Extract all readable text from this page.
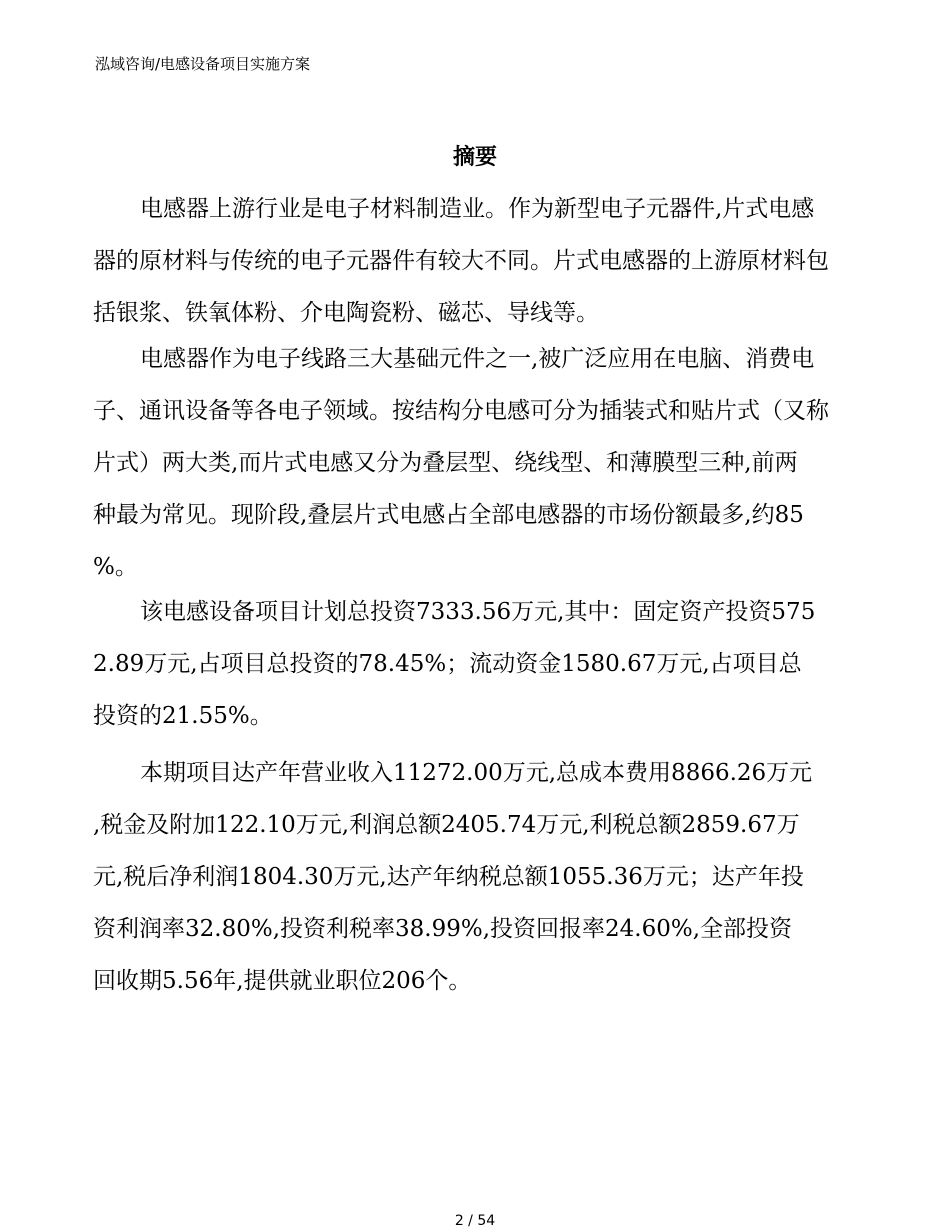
泓域咨询/电感设备项目实施方案
摘要
电感器上游行业是电子材料制造业。作为新型电子元器件,片式电感
器的原材料与传统的电子元器件有较大不同。片式电感器的上游原材料包
括银浆、铁氧体粉、介电陶瓷粉、磁芯、导线等。
电感器作为电子线路三大基础元件之一,被广泛应用在电脑、消费电
子、通讯设备等各电子领域。按结构分电感可分为插装式和贴片式（又称
片式）两大类,而片式电感又分为叠层型、绕线型、和薄膜型三种,前两
种最为常见。现阶段,叠层片式电感占全部电感器的市场份额最多,约85
%。
该电感设备项目计划总投资7333.56万元,其中：固定资产投资575
2.89万元,占项目总投资的78.45%；流动资金1580.67万元,占项目总
投资的21.55%。
本期项目达产年营业收入11272.00万元,总成本费用8866.26万元
,税金及附加122.10万元,利润总额2405.74万元,利税总额2859.67万
元,税后净利润1804.30万元,达产年纳税总额1055.36万元；达产年投
资利润率32.80%,投资利税率38.99%,投资回报率24.60%,全部投资
回收期5.56年,提供就业职位206个。
2 / 54
